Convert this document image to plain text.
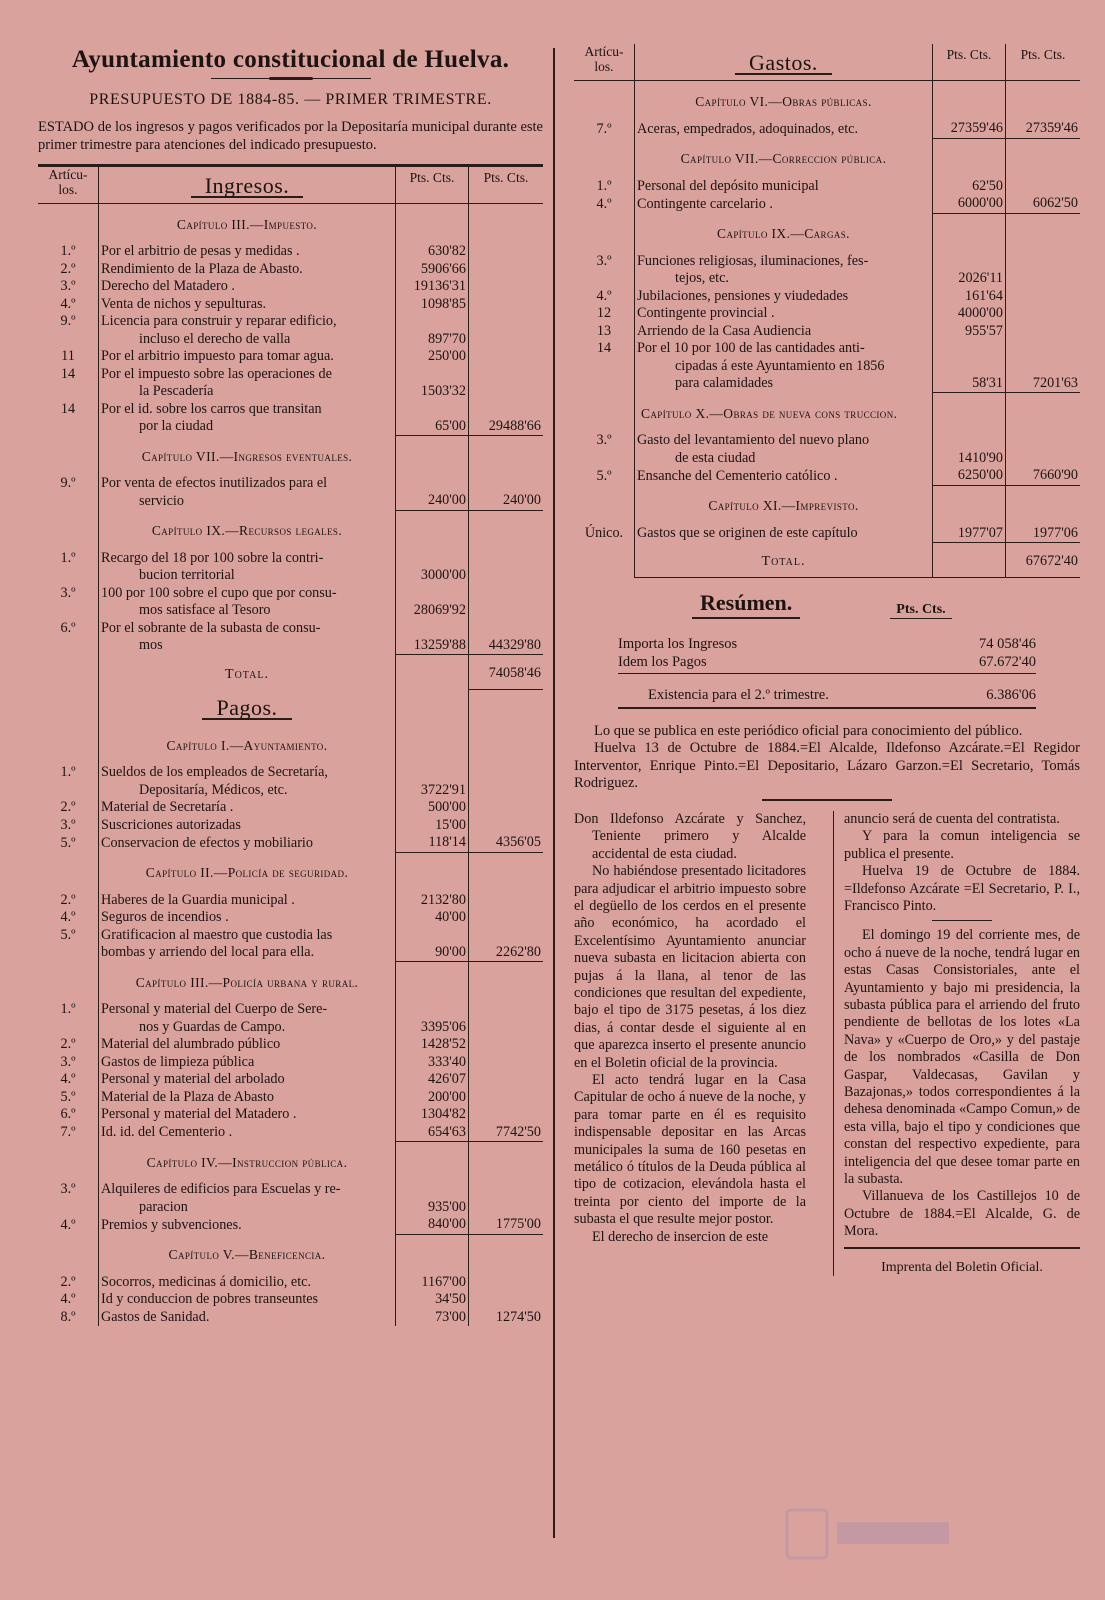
Ayuntamiento constitucional de Huelva.
PRESUPUESTO DE 1884-85. — PRIMER TRIMESTRE.
ESTADO de los ingresos y pagos verificados por la Depositaría municipal durante este primer trimestre para atenciones del indicado presupuesto.
Artícu- los.	Ingresos.	Pts. Cts.	Pts. Cts.
	Capítulo III.—Impuesto.		
1.º	Por el arbitrio de pesas y medidas .	630'82	
2.º	Rendimiento de la Plaza de Abasto.	5906'66	
3.º	Derecho del Matadero .	19136'31	
4.º	Venta de nichos y sepulturas.	1098'85	
9.º	Licencia para construir y reparar edificio,
incluso el derecho de valla	897'70	
11	Por el arbitrio impuesto para tomar agua.	250'00	
14	Por el impuesto sobre las operaciones de
la Pescadería	1503'32	
14	Por el id. sobre los carros que transitan
por la ciudad	65'00	29488'66
	Capítulo VII.—Ingresos eventuales.		
9.º	Por venta de efectos inutilizados para el
servicio	240'00	240'00
	Capítulo IX.—Recursos legales.		
1.º	Recargo del 18 por 100 sobre la contri-
bucion territorial	3000'00	
3.º	100 por 100 sobre el cupo que por consu-
mos satisface al Tesoro	28069'92	
6.º	Por el sobrante de la subasta de consu-
mos	13259'88	44329'80
	Total.		74058'46
	Pagos.		
	Capítulo I.—Ayuntamiento.		
1.º	Sueldos de los empleados de Secretaría,
Depositaría, Médicos, etc.	3722'91	
2.º	Material de Secretaría .	500'00	
3.º	Suscriciones autorizadas	15'00	
5.º	Conservacion de efectos y mobiliario	118'14	4356'05
	Capítulo II.—Policía de seguridad.		
2.º	Haberes de la Guardia municipal .	2132'80	
4.º	Seguros de incendios .	40'00	
5.º	Gratificacion al maestro que custodia las
bombas y arriendo del local para ella.	90'00	2262'80
	Capítulo III.—Policía urbana y rural.		
1.º	Personal y material del Cuerpo de Sere-
nos y Guardas de Campo.	3395'06	
2.º	Material del alumbrado público	1428'52	
3.º	Gastos de limpieza pública	333'40	
4.º	Personal y material del arbolado	426'07	
5.º	Material de la Plaza de Abasto	200'00	
6.º	Personal y material del Matadero .	1304'82	
7.º	Id. id. del Cementerio .	654'63	7742'50
	Capítulo IV.—Instruccion pública.		
3.º	Alquileres de edificios para Escuelas y re-
paracion	935'00	
4.º	Premios y subvenciones.	840'00	1775'00
	Capítulo V.—Beneficencia.		
2.º	Socorros, medicinas á domicilio, etc.	1167'00	
4.º	Id y conduccion de pobres transeuntes	34'50	
8.º	Gastos de Sanidad.	73'00	1274'50
Artícu- los.	Gastos.	Pts. Cts.	Pts. Cts.
	Capítulo VI.—Obras públicas.		
7.º	Aceras, empedrados, adoquinados, etc.	27359'46	27359'46
	Capítulo VII.—Correccion pública.		
1.º	Personal del depósito municipal	62'50	
4.º	Contingente carcelario .	6000'00	6062'50
	Capítulo IX.—Cargas.		
3.º	Funciones religiosas, iluminaciones, fes-
tejos, etc.	2026'11	
4.º	Jubilaciones, pensiones y viudedades	161'64	
12	Contingente provincial .	4000'00	
13	Arriendo de la Casa Audiencia	955'57	
14	Por el 10 por 100 de las cantidades anti-
cipadas á este Ayuntamiento en 1856
para calamidades	58'31	7201'63
	Capítulo X.—Obras de nueva cons truccion.		
3.º	Gasto del levantamiento del nuevo plano
de esta ciudad	1410'90	
5.º	Ensanche del Cementerio católico .	6250'00	7660'90
	Capítulo XI.—Imprevisto.		
Único.	Gastos que se originen de este capítulo	1977'07	1977'06
	Total.		67672'40
Resúmen.	Pts. Cts.
Importa los Ingresos	74 058'46
Idem los Pagos	67.672'40
Existencia para el 2.º trimestre.	6.386'06

Lo que se publica en este periódico oficial para conocimiento del público.

Huelva 13 de Octubre de 1884.=El Alcalde, Ildefonso Azcárate.=El Regidor Interventor, Enrique Pinto.=El Depositario, Lázaro Garzon.=El Secretario, Tomás Rodriguez.

Don Ildefonso Azcárate y Sanchez, Teniente primero y Alcalde accidental de esta ciudad.

No habiéndose presentado licitadores para adjudicar el arbitrio impuesto sobre el degüello de los cerdos en el presente año económico, ha acordado el Excelentísimo Ayuntamiento anunciar nueva subasta en licitacion abierta con pujas á la llana, al tenor de las condiciones que resultan del expediente, bajo el tipo de 3175 pesetas, á los diez dias, á contar desde el siguiente al en que aparezca inserto el presente anuncio en el Boletin oficial de la provincia.

El acto tendrá lugar en la Casa Capitular de ocho á nueve de la noche, y para tomar parte en él es requisito indispensable depositar en las Arcas municipales la suma de 160 pesetas en metálico ó títulos de la Deuda pública al tipo de cotizacion, elevándola hasta el treinta por ciento del importe de la subasta el que resulte mejor postor.

El derecho de insercion de este

anuncio será de cuenta del contratista.

Y para la comun inteligencia se publica el presente.

Huelva 19 de Octubre de 1884. =Ildefonso Azcárate =El Secretario, P. I., Francisco Pinto.

El domingo 19 del corriente mes, de ocho á nueve de la noche, tendrá lugar en estas Casas Consistoriales, ante el Ayuntamiento y bajo mi presidencia, la subasta pública para el arriendo del fruto pendiente de bellotas de los lotes «La Nava» y «Cuerpo de Oro,» y del pastaje de los nombrados «Casilla de Don Gaspar, Valdecasas, Gavilan y Bazajonas,» todos correspondientes á la dehesa denominada «Campo Comun,» de esta villa, bajo el tipo y condiciones que constan del respectivo expediente, para inteligencia del que desee tomar parte en la subasta.

Villanueva de los Castillejos 10 de Octubre de 1884.=El Alcalde, G. de Mora.

Imprenta del Boletin Oficial.
